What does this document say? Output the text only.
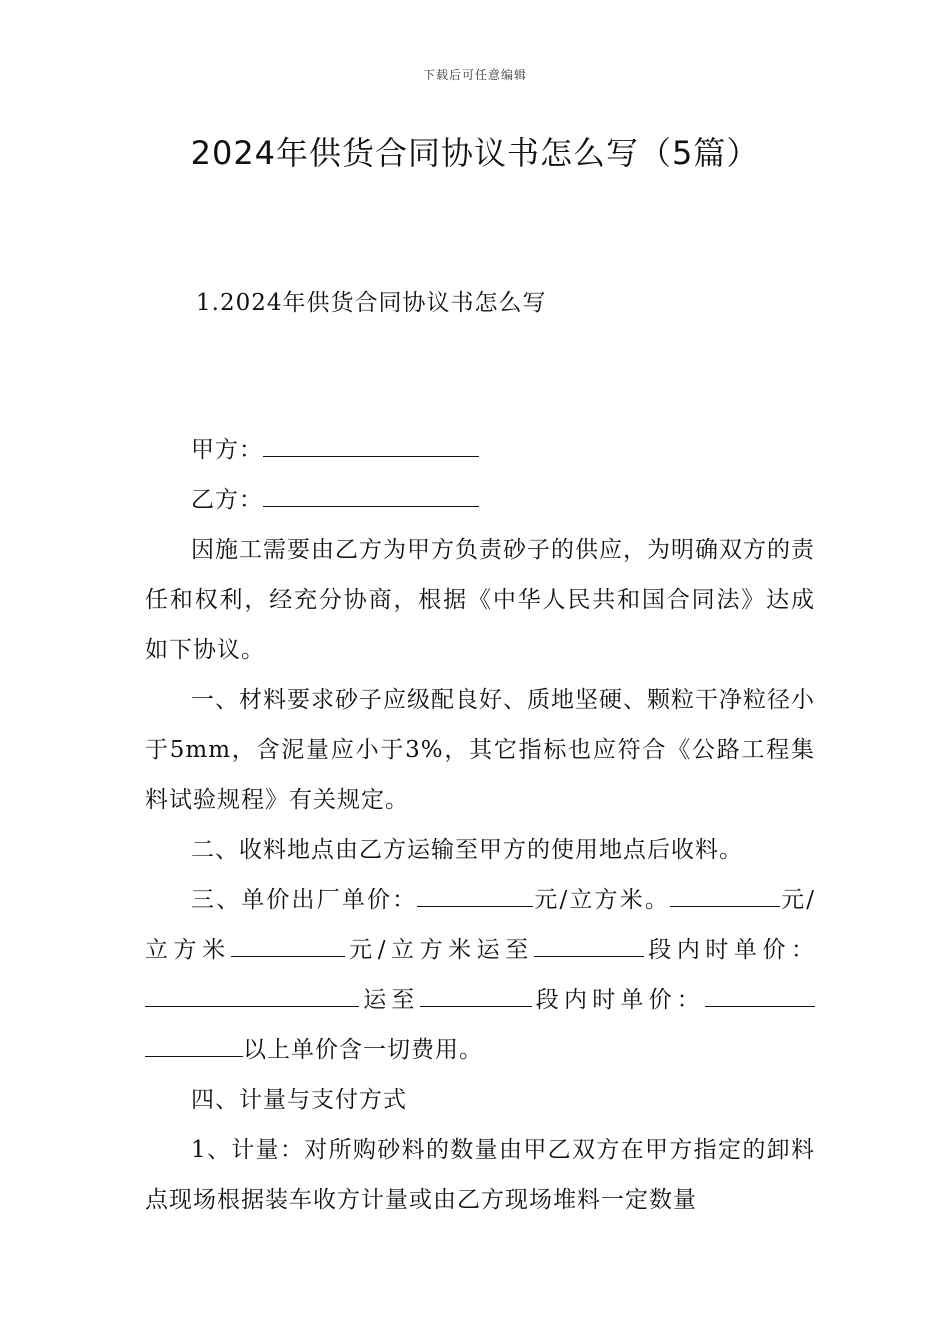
下载后可任意编辑
2024年供货合同协议书怎么写（5篇）
1.2024年供货合同协议书怎么写

甲方：

乙方：

因施工需要由乙方为甲方负责砂子的供应，为明确双方的责任和权利，经充分协商，根据《中华人民共和国合同法》达成如下协议。

一、材料要求砂子应级配良好、质地坚硬、颗粒干净粒径小于5mm，含泥量应小于3%，其它指标也应符合《公路工程集料试验规程》有关规定。

二、收料地点由乙方运输至甲方的使用地点后收料。

三、单价出厂单价：	元/立方米。	元/立方米	元/立方米运至	段内时单价：运至	段内时单价：以上单价含一切费用。

四、计量与支付方式

1、计量：对所购砂料的数量由甲乙双方在甲方指定的卸料点现场根据装车收方计量或由乙方现场堆料一定数量
